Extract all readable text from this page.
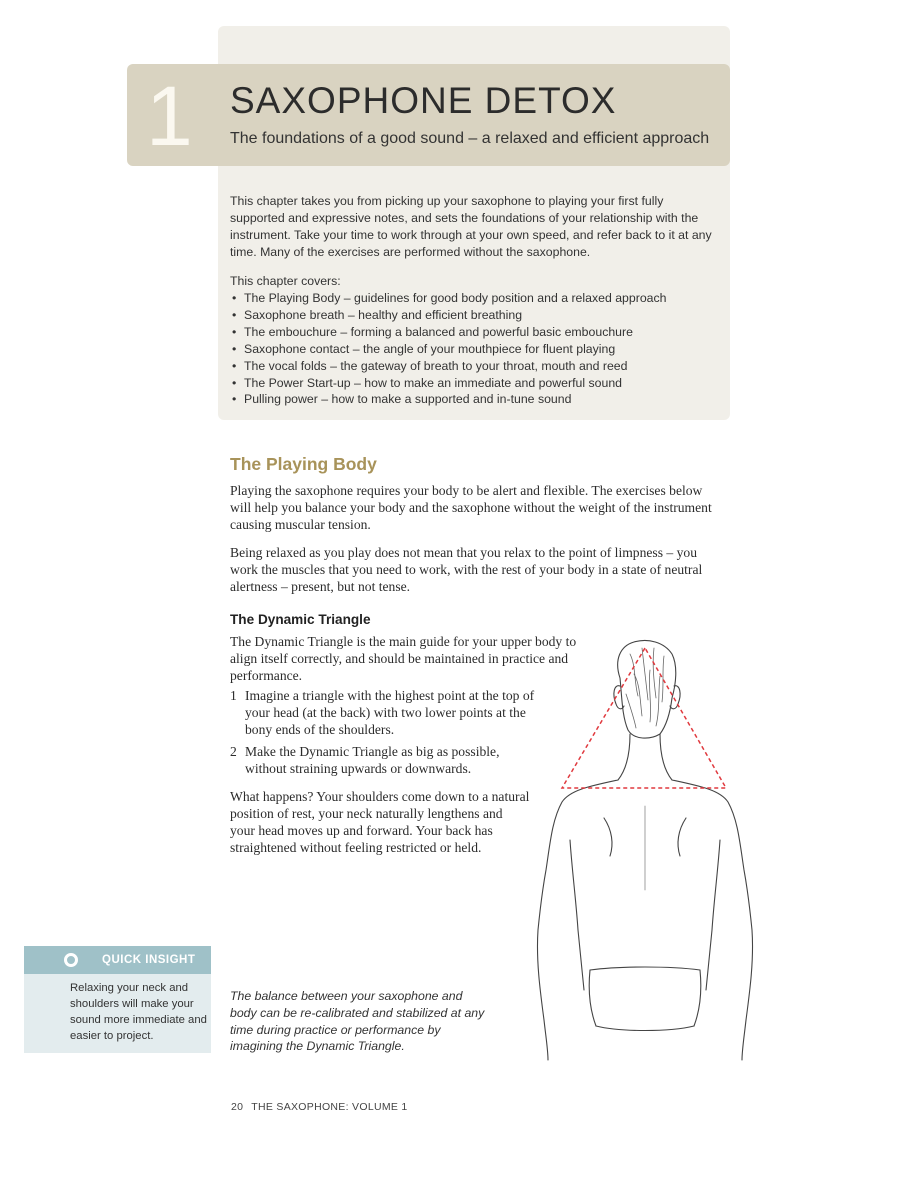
1 SAXOPHONE DETOX
The foundations of a good sound – a relaxed and efficient approach

This chapter takes you from picking up your saxophone to playing your first fully supported and expressive notes, and sets the foundations of your relationship with the instrument. Take your time to work through at your own speed, and refer back to it at any time. Many of the exercises are performed without the saxophone.

This chapter covers:
• The Playing Body – guidelines for good body position and a relaxed approach
• Saxophone breath – healthy and efficient breathing
• The embouchure – forming a balanced and powerful basic embouchure
• Saxophone contact – the angle of your mouthpiece for fluent playing
• The vocal folds – the gateway of breath to your throat, mouth and reed
• The Power Start-up – how to make an immediate and powerful sound
• Pulling power – how to make a supported and in-tune sound
The Playing Body

Playing the saxophone requires your body to be alert and flexible. The exercises below will help you balance your body and the saxophone without the weight of the instrument causing muscular tension.

Being relaxed as you play does not mean that you relax to the point of limpness – you work the muscles that you need to work, with the rest of your body in a state of neutral alertness – present, but not tense.

The Dynamic Triangle

The Dynamic Triangle is the main guide for your upper body to align itself correctly, and should be maintained in practice and performance.

1 Imagine a triangle with the highest point at the top of your head (at the back) with two lower points at the bony ends of the shoulders.
2 Make the Dynamic Triangle as big as possible, without straining upwards or downwards.

What happens? Your shoulders come down to a natural position of rest, your neck naturally lengthens and your head moves up and forward. Your back has straightened without feeling restricted or held.

The balance between your saxophone and body can be re-calibrated and stabilized at any time during practice or performance by imagining the Dynamic Triangle.

QUICK INSIGHT

Relaxing your neck and shoulders will make your sound more immediate and easier to project.

20 THE SAXOPHONE: VOLUME 1
